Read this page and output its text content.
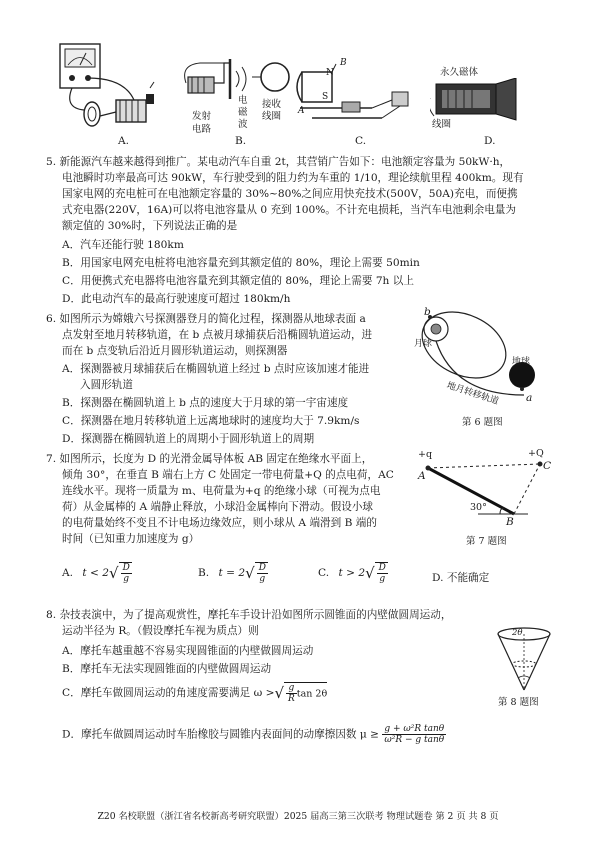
A.
发射
电路
电
磁
波
接收
线圈
B.
N
B
S
A
C.
永久磁体
线圈
D.
5. 新能源汽车越来越得到推广。某电动汽车自重 2t，其营销广告如下：电池额定容量为 50kW·h，
电池瞬时功率最高可达 90kW，车行驶受到的阻力约为车重的 1/10，理论续航里程 400km。现有
国家电网的充电桩可在电池额定容量的 30%~80%之间应用快充技术(500V，50A)充电，而便携
式充电器(220V，16A)可以将电池容量从 0 充到 100%。不计充电损耗，当汽车电池剩余电量为
额定值的 30%时，下列说法正确的是
A．汽车还能行驶 180km
B．用国家电网充电桩将电池容量充到其额定值的 80%，理论上需要 50min
C．用便携式充电器将电池容量充到其额定值的 80%，理论上需要 7h 以上
D．此电动汽车的最高行驶速度可超过 180km/h
6. 如图所示为嫦娥六号探测器登月的简化过程，探测器从地球表面 a
点发射至地月转移轨道，在 b 点被月球捕获后沿椭圆轨道运动，进
而在 b 点变轨后沿近月圆形轨道运动，则探测器
A．探测器被月球捕获后在椭圆轨道上经过 b 点时应该加速才能进
入圆形轨道
B．探测器在椭圆轨道上 b 点的速度大于月球的第一宇宙速度
C．探测器在地月转移轨道上远离地球时的速度均大于 7.9km/s
D．探测器在椭圆轨道上的周期小于圆形轨道上的周期
b
月球
地球
a
地月转移轨道
第 6 题图
7. 如图所示，长度为 D 的光滑金属导体板 AB 固定在绝缘水平面上，
倾角 30°，在垂直 B 端右上方 C 处固定一带电荷量+Q 的点电荷，AC
连线水平。现将一质量为 m、电荷量为+q 的绝缘小球（可视为点电
荷）从金属棒的 A 端静止释放，小球沿金属棒向下滑动。假设小球
的电荷量始终不变且不计电场边缘效应，则小球从 A 端滑到 B 端的
时间（已知重力加速度为 g）
+q	+Q
A
C
30°
B
第 7 题图
A. $t < 2√ \frac{D}{g}$	B. $t = 2√ \frac{D}{g}$	C. $t > 2√ \frac{D}{g}$	D. 不能确定
8. 杂技表演中，为了提高观赏性，摩托车手设计沿如图所示圆锥面的内壁做圆周运动，
运动半径为 R。（假设摩托车视为质点）则
A．摩托车越重越不容易实现圆锥面的内壁做圆周运动
B．摩托车无法实现圆锥面的内壁做圆周运动
C．摩托车做圆周运动的角速度需要满足 ω >√ $\frac{g}{R}$ tan 2θ
D．摩托车做圆周运动时车胎橡胶与圆锥内表面间的动摩擦因数 $\mu \ge \frac{\text{g + ω²R tanθ}}{\text{ω²R − g tanθ}}$
2θ
第 8 题图
Z20 名校联盟（浙江省名校新高考研究联盟）2025 届高三第三次联考 物理试题卷 第 2 页 共 8 页
